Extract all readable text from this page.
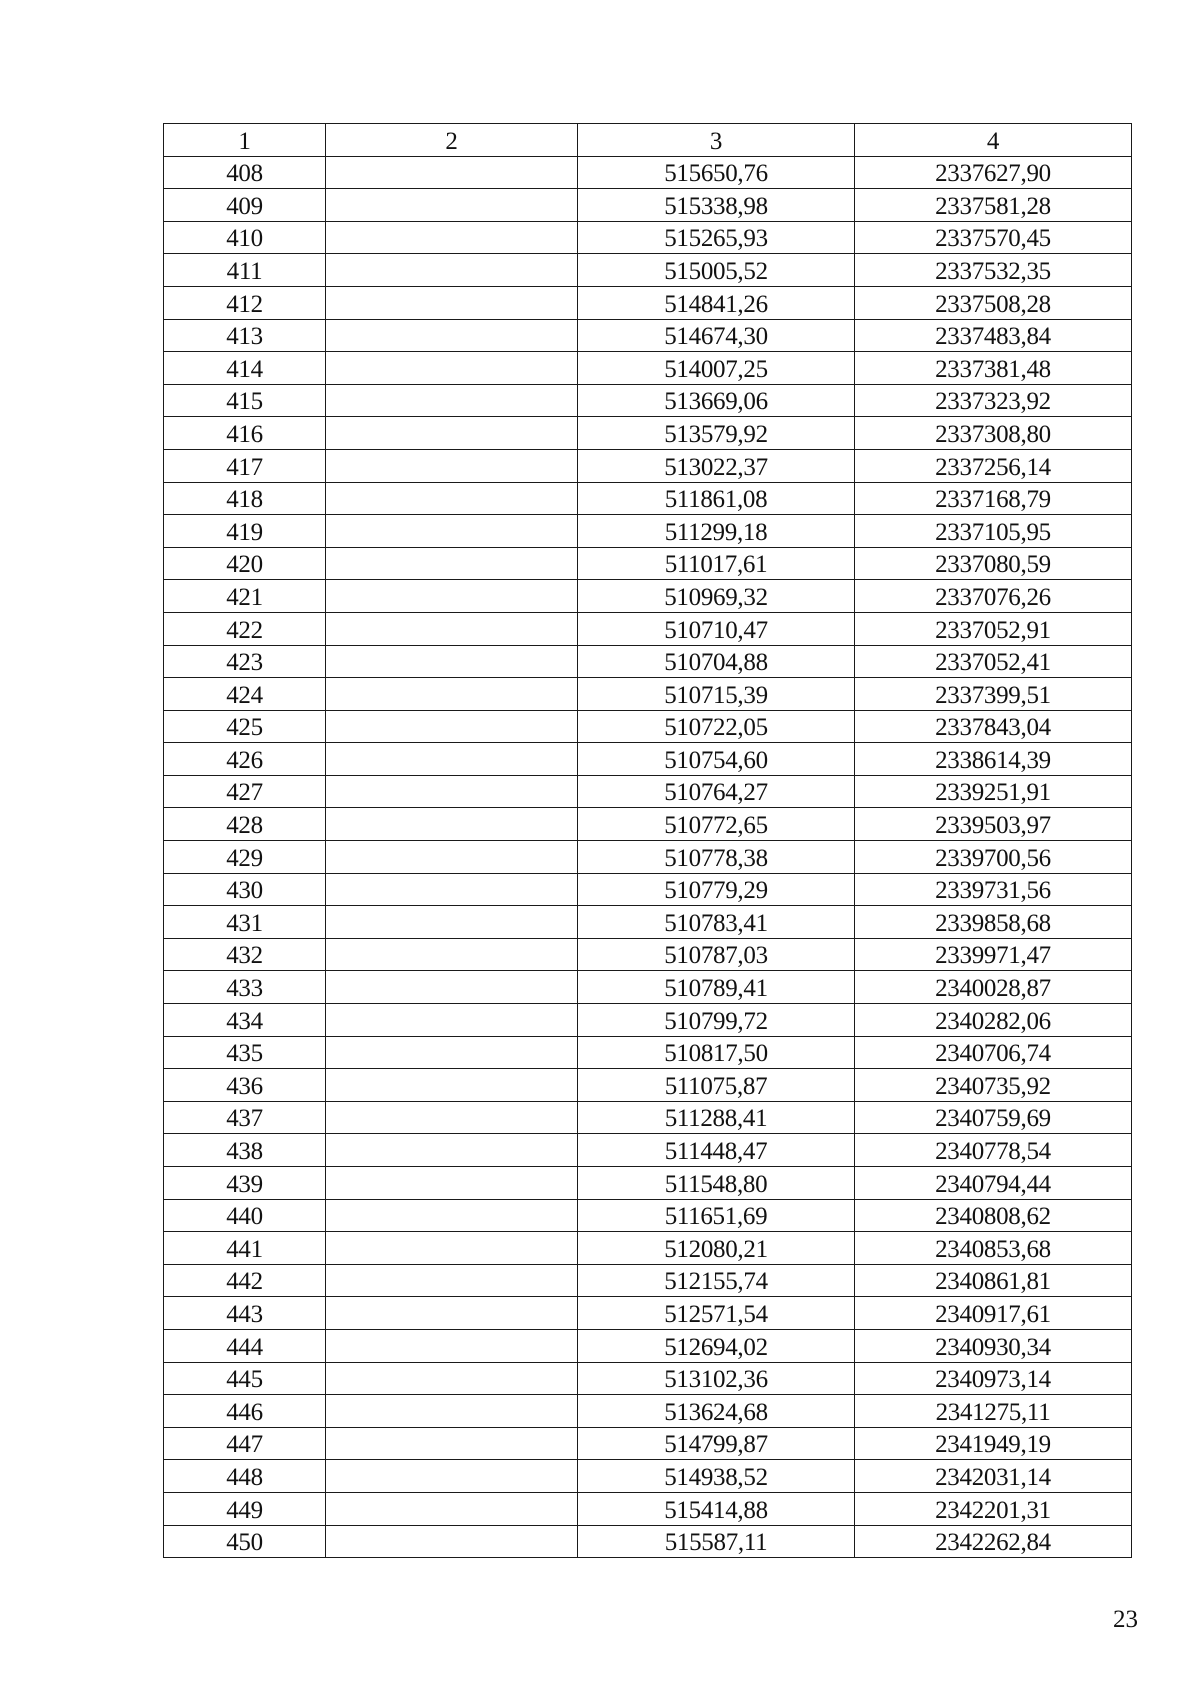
1	2	3	4
408		515650,76	2337627,90
409		515338,98	2337581,28
410		515265,93	2337570,45
411		515005,52	2337532,35
412		514841,26	2337508,28
413		514674,30	2337483,84
414		514007,25	2337381,48
415		513669,06	2337323,92
416		513579,92	2337308,80
417		513022,37	2337256,14
418		511861,08	2337168,79
419		511299,18	2337105,95
420		511017,61	2337080,59
421		510969,32	2337076,26
422		510710,47	2337052,91
423		510704,88	2337052,41
424		510715,39	2337399,51
425		510722,05	2337843,04
426		510754,60	2338614,39
427		510764,27	2339251,91
428		510772,65	2339503,97
429		510778,38	2339700,56
430		510779,29	2339731,56
431		510783,41	2339858,68
432		510787,03	2339971,47
433		510789,41	2340028,87
434		510799,72	2340282,06
435		510817,50	2340706,74
436		511075,87	2340735,92
437		511288,41	2340759,69
438		511448,47	2340778,54
439		511548,80	2340794,44
440		511651,69	2340808,62
441		512080,21	2340853,68
442		512155,74	2340861,81
443		512571,54	2340917,61
444		512694,02	2340930,34
445		513102,36	2340973,14
446		513624,68	2341275,11
447		514799,87	2341949,19
448		514938,52	2342031,14
449		515414,88	2342201,31
450		515587,11	2342262,84
23
